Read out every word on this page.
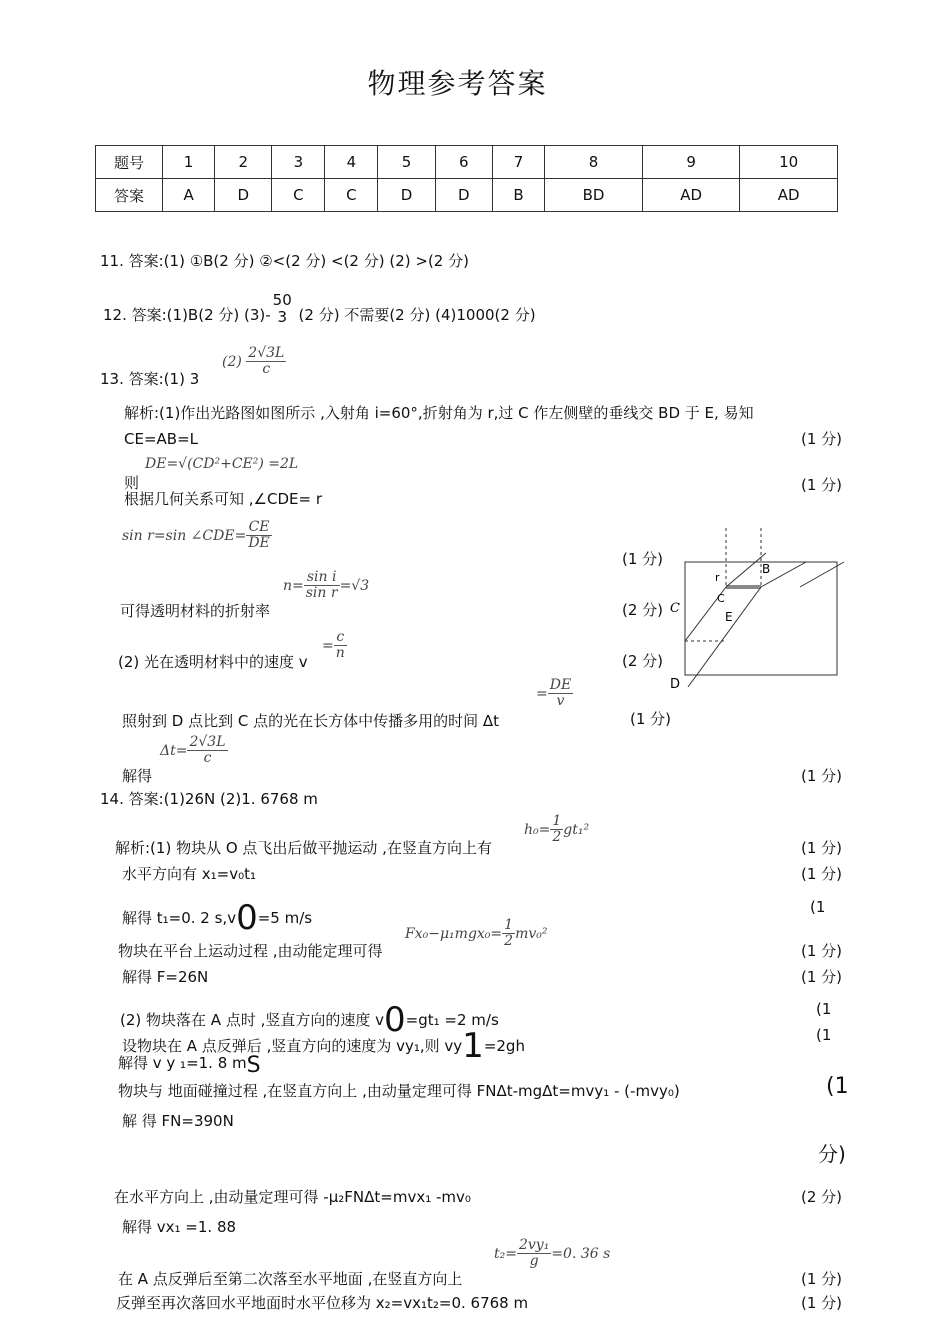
物理参考答案
题号	1	2	3	4	5	6	7	8	9	10
答案	A	D	C	C	D	D	B	BD	AD	AD
11. 答案:(1) ①B(2 分) ②<(2 分) <(2 分) (2) >(2 分)
12. 答案:(1)B(2 分) (3)-
50
3 (2 分) 不需要(2 分) (4)1000(2 分)
13. 答案:(1) 3
$(2) \frac{2√3L}{c}$
解析:(1)作出光路图如图所示 ,入射角 i=60°,折射角为 r,过 C 作左侧壁的垂线交 BD 于 E, 易知
CE=AB=L	(1 分)
DE=√(CD²+CE²) =2L
则
根据几何关系可知 ,∠CDE= r
(1 分)
sin r=sin ∠CDE= $\frac{CE}{DE}$
(1 分)
$n= \frac{\text{sin i}}{\text{sin r}} =√3$
可得透明材料的折射率	(2 分)
(2) 光在透明材料中的速度 v
= $\frac{c}{n}$	(2 分)
= $\frac{DE}{v}$
照射到 D 点比到 C 点的光在长方体中传播多用的时间 Δt	(1 分)
$\Delta t= \frac{2√3L}{c}$
解得	(1 分)
r
B
C
E
C
D
14. 答案:(1)26N (2)1. 6768 m
$h_0= \frac{1}{2} gt_1^2$
解析:(1) 物块从 O 点飞出后做平抛运动 ,在竖直方向上有	(1 分)
水平方向有 x₁=v₀t₁	(1 分)
解得 t₁=0. 2 s,v0=5 m/s
(1
$Fx_0-\mu_1mgx_0= \frac{1}{2} mv_0^2$
物块在平台上运动过程 ,由动能定理可得	(1 分)
解得 F=26N	(1 分)
(2) 物块落在 A 点时 ,竖直方向的速度 v0=gt₁ =2 m/s
(1
设物块在 A 点反弹后 ,竖直方向的速度为 vy₁,则 vy1=2gh
(1
解得 v y ₁=1. 8 mS
物块与 地面碰撞过程 ,在竖直方向上 ,由动量定理可得 FNΔt-mgΔt=mvy₁ - (-mvy₀)	(1
解 得 FN=390N
分)
在水平方向上 ,由动量定理可得 -μ₂FNΔt=mvx₁ -mv₀	(2 分)
解得 vx₁ =1. 88
$t_2= \frac{\text{2vy₁}}{g} =0$. 36 s
在 A 点反弹后至第二次落至水平地面 ,在竖直方向上	(1 分)
反弹至再次落回水平地面时水平位移为 x₂=vx₁t₂=0. 6768 m	(1 分)
